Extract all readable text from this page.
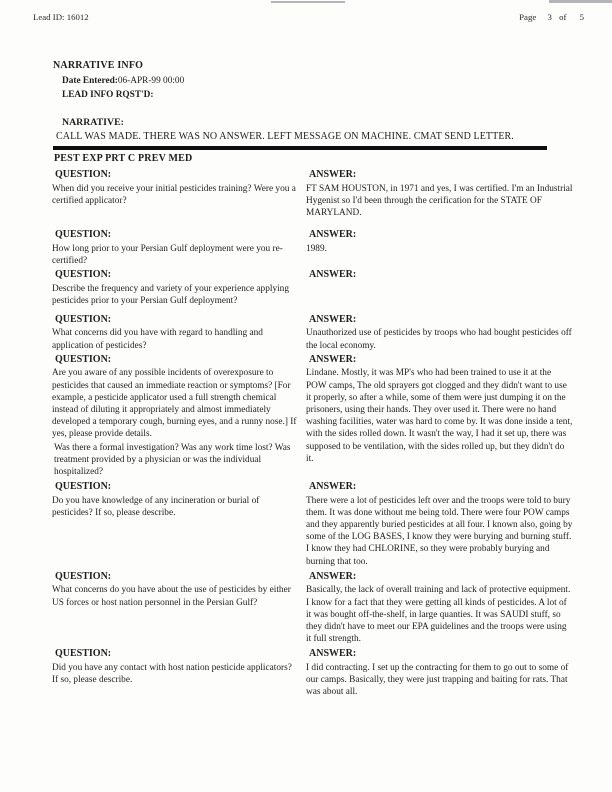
Lead ID: 16012	Page 3 of 5
NARRATIVE INFO
Date Entered:06-APR-99 00:00
LEAD INFO RQST'D:
NARRATIVE:
CALL WAS MADE. THERE WAS NO ANSWER. LEFT MESSAGE ON MACHINE. CMAT SEND LETTER.
PEST EXP PRT C PREV MED
QUESTION:
When did you receive your initial pesticides training? Were you a certified applicator?
ANSWER:
FT SAM HOUSTON, in 1971 and yes, I was certified. I'm an Industrial Hygenist so I'd been through the cerification for the STATE OF MARYLAND.
QUESTION:
How long prior to your Persian Gulf deployment were you re-certified?
ANSWER:
1989.
QUESTION:
Describe the frequency and variety of your experience applying pesticides prior to your Persian Gulf deployment?
ANSWER:
QUESTION:
What concerns did you have with regard to handling and application of pesticides?
ANSWER:
Unauthorized use of pesticides by troops who had bought pesticides off the local economy.
QUESTION:
Are you aware of any possible incidents of overexposure to pesticides that caused an immediate reaction or symptoms? [For example, a pesticide applicator used a full strength chemical instead of diluting it appropriately and almost immediately developed a temporary cough, burning eyes, and a runny nose.] If yes, please provide details.
Was there a formal investigation? Was any work time lost? Was treatment provided by a physician or was the individual hospitalized?
ANSWER:
Lindane. Mostly, it was MP's who had been trained to use it at the POW camps, The old sprayers got clogged and they didn't want to use it properly, so after a while, some of them were just dumping it on the prisoners, using their hands. They over used it. There were no hand washing facilities, water was hard to come by. It was done inside a tent, with the sides rolled down. It wasn't the way, I had it set up, there was supposed to be ventilation, with the sides rolled up, but they didn't do it.
QUESTION:
Do you have knowledge of any incineration or burial of pesticides? If so, please describe.
ANSWER:
There were a lot of pesticides left over and the troops were told to bury them. It was done without me being told. There were four POW camps and they apparently buried pesticides at all four. I known also, going by some of the LOG BASES, I know they were burying and burning stuff. I know they had CHLORINE, so they were probably burying and burning that too.
QUESTION:
What concerns do you have about the use of pesticides by either US forces or host nation personnel in the Persian Gulf?
ANSWER:
Basically, the lack of overall training and lack of protective equipment. I know for a fact that they were getting all kinds of pesticides. A lot of it was bought off-the-shelf, in large quanties. It was SAUDI stuff, so they didn't have to meet our EPA guidelines and the troops were using it full strength.
QUESTION:
Did you have any contact with host nation pesticide applicators? If so, please describe.
ANSWER:
I did contracting. I set up the contracting for them to go out to some of our camps. Basically, they were just trapping and baiting for rats. That was about all.
